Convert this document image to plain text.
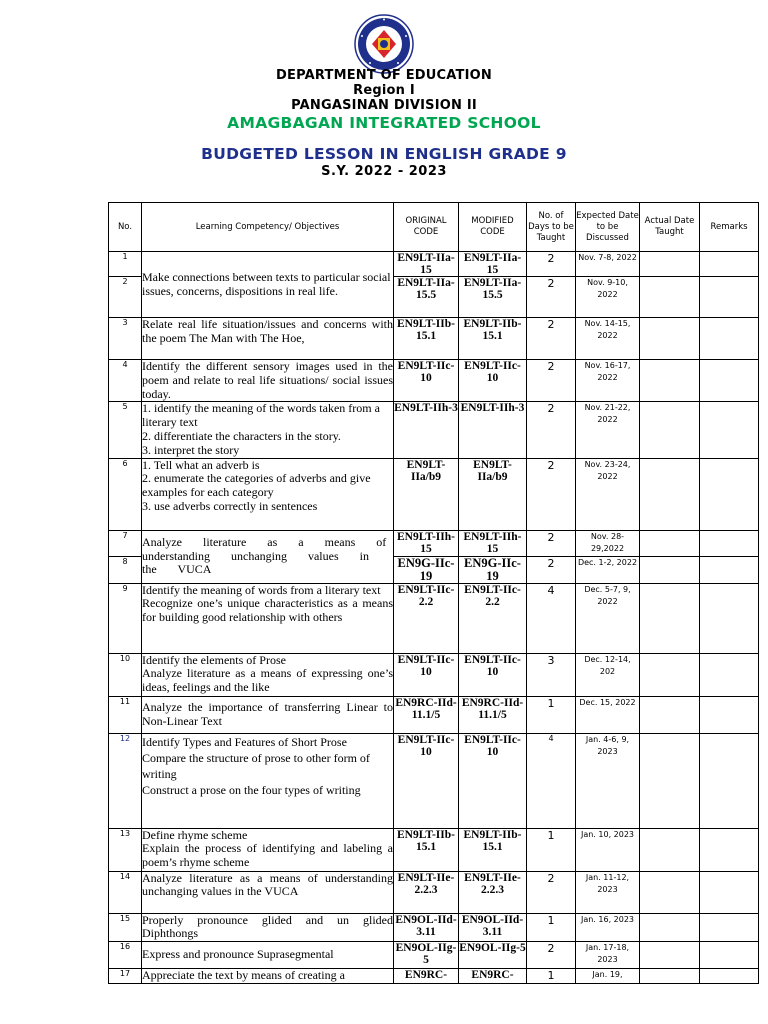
DEPARTMENT OF EDUCATION
Region I
PANGASINAN DIVISION II
AMAGBAGAN INTEGRATED SCHOOL
BUDGETED LESSON IN ENGLISH GRADE 9
S.Y. 2022 - 2023
No.	Learning Competency/ Objectives	ORIGINAL CODE	MODIFIED CODE	No. of Days to be Taught	Expected Date to be Discussed	Actual Date Taught	Remarks
1	Make connections between texts to particular social issues, concerns, dispositions in real life.	EN9LT-IIa-15	EN9LT-IIa-15	2	Nov. 7-8, 2022		
2		EN9LT-IIa-15.5	EN9LT-IIa-15.5	2	Nov. 9-10, 2022		
3	Relate real life situation/issues and concerns with the poem The Man with The Hoe,	EN9LT-IIb-15.1	EN9LT-IIb-15.1	2	Nov. 14-15, 2022		
4	Identify the different sensory images used in the poem and relate to real life situations/ social issues today.	EN9LT-IIc-10	EN9LT-IIc-10	2	Nov. 16-17, 2022		
5	1. identify the meaning of the words taken from a literary text
2. differentiate the characters in the story.
3. interpret the story	EN9LT-IIh-3	EN9LT-IIh-3	2	Nov. 21-22, 2022		
6	1. Tell what an adverb is
2. enumerate the categories of adverbs and give examples for each category
3. use adverbs correctly in sentences	EN9LT-IIa/b9	EN9LT-IIa/b9	2	Nov. 23-24, 2022		
7	Analyze literature as a means of understanding unchanging values in the VUCA	EN9LT-IIh-15	EN9LT-IIh-15	2	Nov. 28-29,2022		
8		EN9G-IIc-19	EN9G-IIc-19	2	Dec. 1-2, 2022		
9	Identify the meaning of words from a literary text
Recognize one’s unique characteristics as a means for building good relationship with others	EN9LT-IIc-2.2	EN9LT-IIc-2.2	4	Dec. 5-7, 9, 2022		
10	Identify the elements of Prose
Analyze literature as a means of expressing one’s ideas, feelings and the like	EN9LT-IIc-10	EN9LT-IIc-10	3	Dec. 12-14, 202		
11	Analyze the importance of transferring Linear to Non-Linear Text	EN9RC-IId-11.1/5	EN9RC-IId-11.1/5	1	Dec. 15, 2022		
12	Identify Types and Features of Short Prose
Compare the structure of prose to other form of writing
Construct a prose on the four types of writing	EN9LT-IIc-10	EN9LT-IIc-10	4	Jan. 4-6, 9, 2023		
13	Define rhyme scheme
Explain the process of identifying and labeling a poem’s rhyme scheme	EN9LT-IIb-15.1	EN9LT-IIb-15.1	1	Jan. 10, 2023		
14	Analyze literature as a means of understanding unchanging values in the VUCA	EN9LT-IIe-2.2.3	EN9LT-IIe-2.2.3	2	Jan. 11-12, 2023		
15	Properly pronounce glided and un glided Diphthongs	EN9OL-IId-3.11	EN9OL-IId-3.11	1	Jan. 16, 2023		
16	Express and pronounce Suprasegmental	EN9OL-IIg-5	EN9OL-IIg-5	2	Jan. 17-18, 2023		
17	Appreciate the text by means of creating a	EN9RC-	EN9RC-	1	Jan. 19,		
